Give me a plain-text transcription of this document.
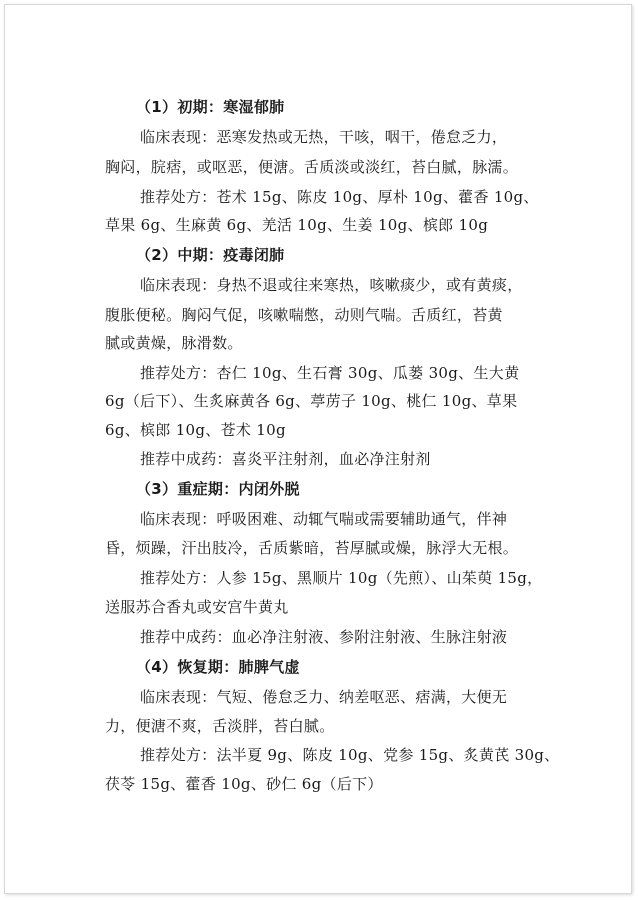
（1）初期：寒湿郁肺
临床表现：恶寒发热或无热，干咳，咽干，倦怠乏力，
胸闷，脘痞，或呕恶，便溏。舌质淡或淡红，苔白腻，脉濡。
推荐处方：苍术 15g、陈皮 10g、厚朴 10g、藿香 10g、
草果 6g、生麻黄 6g、羌活 10g、生姜 10g、槟郎 10g
（2）中期：疫毒闭肺
临床表现：身热不退或往来寒热，咳嗽痰少，或有黄痰，
腹胀便秘。胸闷气促，咳嗽喘憋，动则气喘。舌质红，苔黄
腻或黄燥，脉滑数。
推荐处方：杏仁 10g、生石膏 30g、瓜蒌 30g、生大黄
6g（后下）、生炙麻黄各 6g、葶苈子 10g、桃仁 10g、草果
6g、槟郎 10g、苍术 10g
推荐中成药：喜炎平注射剂，血必净注射剂
（3）重症期：内闭外脱
临床表现：呼吸困难、动辄气喘或需要辅助通气，伴神
昏，烦躁，汗出肢冷，舌质紫暗，苔厚腻或燥，脉浮大无根。
推荐处方：人参 15g、黑顺片 10g（先煎）、山茱萸 15g，
送服苏合香丸或安宫牛黄丸
推荐中成药：血必净注射液、参附注射液、生脉注射液
（4）恢复期：肺脾气虚
临床表现：气短、倦怠乏力、纳差呕恶、痞满，大便无
力，便溏不爽，舌淡胖，苔白腻。
推荐处方：法半夏 9g、陈皮 10g、党参 15g、炙黄芪 30g、
茯苓 15g、藿香 10g、砂仁 6g（后下）
